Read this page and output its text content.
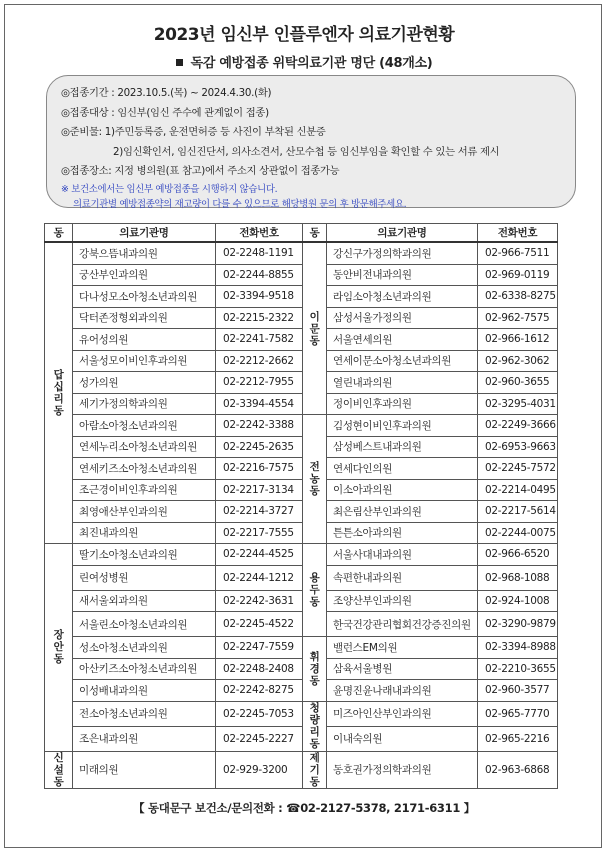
2023년 임신부 인플루엔자 의료기관현황
독감 예방접종 위탁의료기관 명단 (48개소)
◎접종기간 : 2023.10.5.(목) ~ 2024.4.30.(화)
◎접종대상 : 임신부(임신 주수에 관계없이 접종)
◎준비물: 1)주민등록증, 운전면허증 등 사진이 부착된 신분증
2)임신확인서, 임신진단서, 의사소견서, 산모수첩 등 임신부임을 확인할 수 있는 서류 제시
◎접종장소: 지정 병의원(표 참고)에서 주소지 상관없이 접종가능
※ 보건소에서는 임신부 예방접종을 시행하지 않습니다.
의료기관별 예방접종약의 재고량이 다를 수 있으므로 해당병원 문의 후 방문해주세요.
동	의료기관명	전화번호	동	의료기관명	전화번호
답십리동	강북으뜸내과의원	02-2248-1191	이문동	강신구가정의학과의원	02-966-7511
	궁산부인과의원	02-2244-8855		동안비전내과의원	02-969-0119
	다나성모소아청소년과의원	02-3394-9518		라임소아청소년과의원	02-6338-8275
	닥터존정형외과의원	02-2215-2322		삼성서울가정의원	02-962-7575
	유어성의원	02-2241-7582		서울연세의원	02-966-1612
	서울성모이비인후과의원	02-2212-2662		연세이문소아청소년과의원	02-962-3062
	성가의원	02-2212-7955		열린내과의원	02-960-3655
	세기가정의학과의원	02-3394-4554		정이비인후과의원	02-3295-4031
	아람소아청소년과의원	02-2242-3388	전농동	김성현이비인후과의원	02-2249-3666
	연세누리소아청소년과의원	02-2245-2635		삼성베스트내과의원	02-6953-9663
	연세키즈소아청소년과의원	02-2216-7575		연세다인의원	02-2245-7572
	조근경이비인후과의원	02-2217-3134		이소아과의원	02-2214-0495
	최영애산부인과의원	02-2214-3727		최은림산부인과의원	02-2217-5614
	최진내과의원	02-2217-7555		튼튼소아과의원	02-2244-0075
장안동	딸기소아청소년과의원	02-2244-4525	용두동	서울사대내과의원	02-966-6520
	린여성병원	02-2244-1212		속편한내과의원	02-968-1088
	새서울외과의원	02-2242-3631		조양산부인과의원	02-924-1008
	서울린소아청소년과의원	02-2245-4522		한국건강관리협회건강증진의원	02-3290-9879
	성소아청소년과의원	02-2247-7559	휘경동	밸런스EM의원	02-3394-8988
	아산키즈소아청소년과의원	02-2248-2408		삼육서울병원	02-2210-3655
	이성배내과의원	02-2242-8275		윤명진윤나래내과의원	02-960-3577
	전소아청소년과의원	02-2245-7053	청량리동	미즈아인산부인과의원	02-965-7770
	조은내과의원	02-2245-2227		이내숙의원	02-965-2216
신설동	미래의원	02-929-3200	제기동	동호권가정의학과의원	02-963-6868
【 동대문구 보건소/문의전화 : ☎02-2127-5378, 2171-6311 】
